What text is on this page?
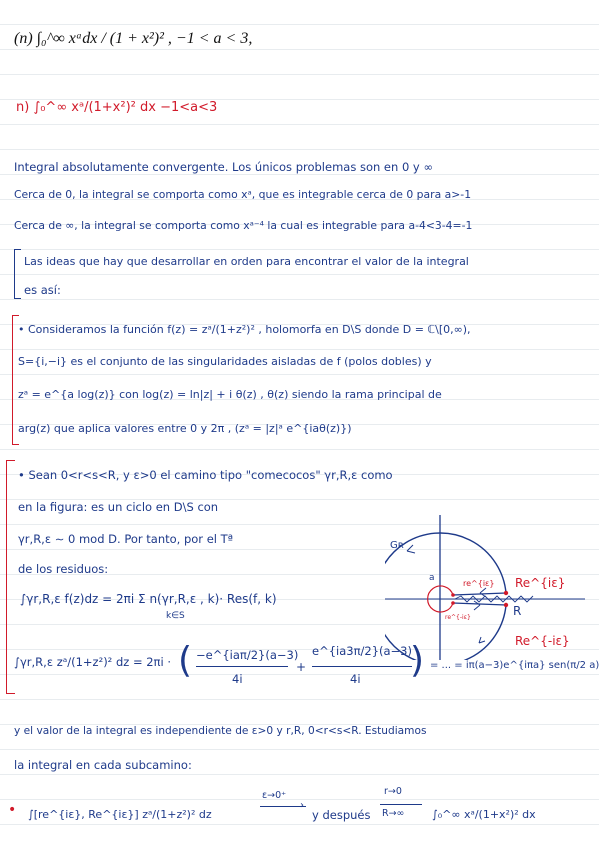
(n) ∫₀^∞ xᵃdx / (1 + x²)² , −1 < a < 3,
n) ∫₀^∞ xᵃ/(1+x²)² dx −1<a<3
Integral absolutamente convergente. Los únicos problemas son en 0 y ∞
Cerca de 0, la integral se comporta como xᵃ, que es integrable cerca de 0 para a>-1
Cerca de ∞, la integral se comporta como xᵃ⁻⁴ la cual es integrable para a-4<3-4=-1
Las ideas que hay que desarrollar en orden para encontrar el valor de la integral
es así:
• Consideramos la función f(z) = zᵃ/(1+z²)² , holomorfa en D\S donde D = ℂ\[0,∞),
S={i,−i} es el conjunto de las singularidades aisladas de f (polos dobles) y
zᵃ = e^{a log(z)} con log(z) = ln|z| + i θ(z) , θ(z) siendo la rama principal de
arg(z) que aplica valores entre 0 y 2π , (zᵃ = |z|ᵃ e^{iaθ(z)})
• Sean 0<r<s<R, y ε>0 el camino tipo "comecocos" γr,R,ε como
en la figura: es un ciclo en D\S con
γr,R,ε ∼ 0 mod D. Por tanto, por el Tª
de los residuos:
∫γr,R,ε f(z)dz = 2πi Σ n(γr,R,ε , k)· Res(f, k)
k∈S
∫γr,R,ε zᵃ/(1+z²)² dz = 2πi · ( −e^{iaπ/2}(a−3)
4i
+
e^{ia3π/2}(a−3)
4i ) = ... = iπ(a−3)e^{iπa} sen(π/2 a)
y el valor de la integral es independiente de ε>0 y r,R, 0<r<s<R. Estudiamos
la integral en cada subcamino:
• ∫[re^{iε}, Re^{iε}] zᵃ/(1+z²)² dz
ε→0⁺
›
y después
r→0
R→∞	∫₀^∞ xᵃ/(1+x²)² dx
Gʀ
Re^{iε}
Re^{-iε}
re^{iε}
R
a
re^{-iε}
